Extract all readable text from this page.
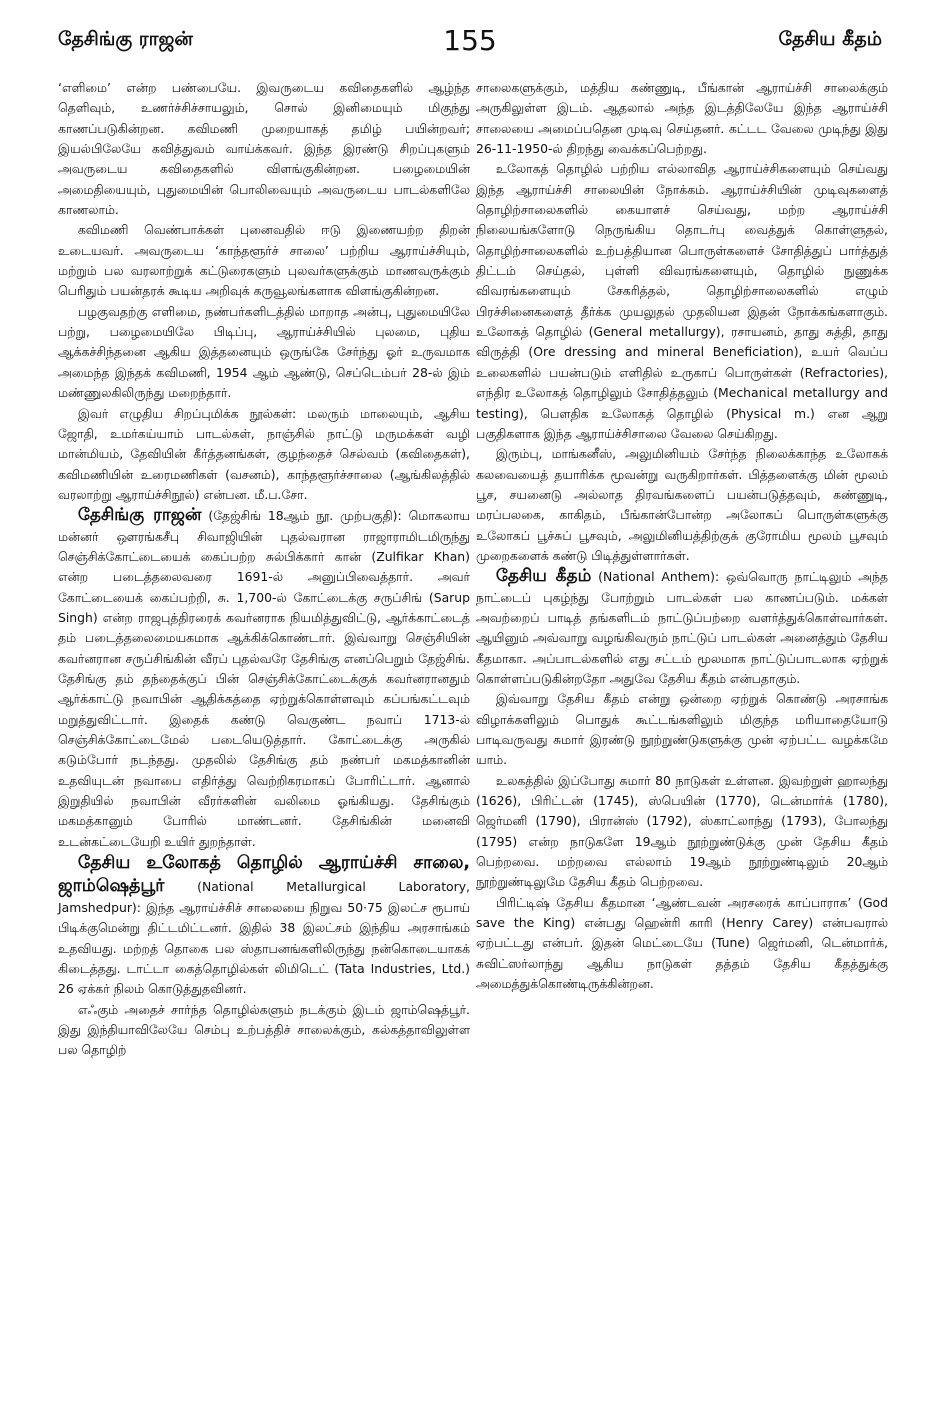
தேசிங்கு ராஜன்	155	தேசிய கீதம்

‘எளிமை’ என்ற பண்பையே. இவருடைய கவிதைகளில் ஆழ்ந்த தெளிவும், உணர்ச்சிச்சாயலும், சொல் இனிமையும் மிகுந்து காணப்படுகின்றன. கவிமணி முறையாகத் தமிழ் பயின்றவர்; இயல்பிலேயே கவித்துவம் வாய்க்கவர். இந்த இரண்டு சிறப்புகளும் அவருடைய கவிதைகளில் விளங்குகின்றன. பழைமையின் அமைதியையும், புதுமையின் பொலிவையும் அவருடைய பாடல்களிலே காணலாம்.

கவிமணி வெண்பாக்கள் புனைவதில் ஈடு இணையற்ற திறன் உடையவர். அவருடைய ‘காந்தளூர்ச் சாலை’ பற்றிய ஆராய்ச்சியும், மற்றும் பல வரலாற்றுக் கட்டுரைகளும் புலவர்களுக்கும் மாணவருக்கும் பெரிதும் பயன்தரக் கூடிய அறிவுக் கருவூலங்களாக விளங்குகின்றன.

பழகுவதற்கு எளிமை, நண்பர்களிடத்தில் மாறாத அன்பு, புதுமையிலே பற்று, பழைமையிலே பிடிப்பு, ஆராய்ச்சியில் புலமை, புதிய ஆக்கச்சிந்தனை ஆகிய இத்தனையும் ஒருங்கே சேர்ந்து ஓர் உருவமாக அமைந்த இந்தக் கவிமணி, 1954 ஆம் ஆண்டு, செப்டெம்பர் 28-ல் இம் மண்ணுலகிலிருந்து மறைந்தார்.

இவர் எழுதிய சிறப்புமிக்க நூல்கள்: மலரும் மாலையும், ஆசிய ஜோதி, உமர்கய்யாம் பாடல்கள், நாஞ்சில் நாட்டு மருமக்கள் வழி மான்மியம், தேவியின் கீர்த்தனங்கள், குழந்தைச் செல்வம் (கவிதைகள்), கவிமணியின் உரைமணிகள் (வசனம்), காந்தளூர்ச்சாலை (ஆங்கிலத்தில் வரலாற்று ஆராய்ச்சிநூல்) என்பன. மீ.ப.சோ.

தேசிங்கு ராஜன் (தேஜ்சிங் 18ஆம் நூ. முற்பகுதி): மொகலாய மன்னர் ஔரங்கசீபு சிவாஜியின் புதல்வரான ராஜாராமிடமிருந்து செஞ்சிக்கோட்டையைக் கைப்பற்ற சுல்பிக்கார் கான் (Zulfikar Khan) என்ற படைத்தலைவரை 1691-ல் அனுப்பிவைத்தார். அவர் கோட்டையைக் கைப்பற்றி, சு. 1,700-ல் கோட்டைக்கு சருப்சிங் (Sarup Singh) என்ற ராஜபுத்திரரைக் கவர்னராக நியமித்துவிட்டு, ஆர்க்காட்டைத் தம் படைத்தலைமையகமாக ஆக்கிக்கொண்டார். இவ்வாறு செஞ்சியின் கவர்னரான சருப்சிங்கின் வீரப் புதல்வரே தேசிங்கு எனப்பெறும் தேஜ்சிங். தேசிங்கு தம் தந்தைக்குப் பின் செஞ்சிக்கோட்டைக்குக் கவர்னரானதும் ஆர்க்காட்டு நவாபின் ஆதிக்கத்தை ஏற்றுக்கொள்ளவும் கப்பங்கட்டவும் மறுத்துவிட்டார். இதைக் கண்டு வெகுண்ட நவாப் 1713-ல் செஞ்சிக்கோட்டைமேல் படையெடுத்தார். கோட்டைக்கு அருகில் கடும்போர் நடந்தது. முதலில் தேசிங்கு தம் நண்பர் மகமத்கானின் உதவியுடன் நவாபை எதிர்த்து வெற்றிகரமாகப் போரிட்டார். ஆனால் இறுதியில் நவாபின் வீரர்களின் வலிமை ஓங்கியது. தேசிங்கும் மகமத்கானும் போரில் மாண்டனர். தேசிங்கின் மனைவி உடன்கட்டையேறி உயிர் துறந்தாள்.

தேசிய உலோகத் தொழில் ஆராய்ச்சி சாலை, ஜாம்ஷெத்பூர்	(National Metallurgical Laboratory, Jamshedpur): இந்த ஆராய்ச்சிச் சாலையை நிறுவ 50·75 இலட்ச ரூபாய் பிடிக்குமென்று திட்டமிட்டனர். இதில் 38 இலட்சம் இந்திய அரசாங்கம் உதவியது. மற்றத் தொகை பல ஸ்தாபனங்களிலிருந்து நன்கொடையாகக் கிடைத்தது. டாட்டா கைத்தொழில்கள் லிமிடெட் (Tata Industries, Ltd.) 26 ஏக்கர் நிலம் கொடுத்துதவினர்.

எஃகும் அதைச் சார்ந்த தொழில்களும் நடக்கும் இடம் ஜாம்ஷெத்பூர். இது இந்தியாவிலேயே செம்பு உற்பத்திச் சாலைக்கும், கல்கத்தாவிலுள்ள பல தொழிற்

சாலைகளுக்கும், மத்திய கண்ணுடி, பீங்கான் ஆராய்ச்சி சாலைக்கும் அருகிலுள்ள இடம். ஆதலால் அந்த இடத்திலேயே இந்த ஆராய்ச்சி சாலையை அமைப்பதென முடிவு செய்தனர். கட்டட வேலை முடிந்து இது 26-11-1950-ல் திறந்து வைக்கப்பெற்றது.

உலோகத் தொழில் பற்றிய எல்லாவித ஆராய்ச்சிகளையும் செய்வது இந்த ஆராய்ச்சி சாலையின் நோக்கம். ஆராய்ச்சியின் முடிவுகளைத் தொழிற்சாலைகளில் கையாளச் செய்வது, மற்ற ஆராய்ச்சி நிலையங்களோடு நெருங்கிய தொடர்பு வைத்துக் கொள்ளுதல், தொழிற்சாலைகளில் உற்பத்தியான பொருள்களைச் சோதித்துப் பார்த்துத் திட்டம் செய்தல், புள்ளி விவரங்களையும், தொழில் நுணுக்க விவரங்களையும் சேகரித்தல், தொழிற்சாலைகளில் எழும் பிரச்சினைகளைத் தீர்க்க முயலுதல் முதலியன இதன் நோக்கங்களாகும். உலோகத் தொழில் (General metallurgy), ரசாயனம், தாது சுத்தி, தாது விருத்தி (Ore dressing and mineral Beneficiation), உயர் வெப்ப உலைகளில் பயன்படும் எளிதில் உருகாப் பொருள்கள் (Refractories), எந்திர உலோகத் தொழிலும் சோதித்தலும் (Mechanical metallurgy and testing), பௌதிக உலோகத் தொழில் (Physical m.) என ஆறு பகுதிகளாக இந்த ஆராய்ச்சிசாலை வேலை செய்கிறது.

இரும்பு, மாங்கனீஸ், அலுமினியம் சேர்ந்த நிலைக்காந்த உலோகக் கலவையைத் தயாரிக்க மூவன்று வருகிறார்கள். பித்தளைக்கு மின் மூலம் பூச, சயனைடு அல்லாத திரவங்களைப் பயன்படுத்தவும், கண்ணுடி, மரப்பலகை, காகிதம், பீங்கான்போன்ற அலோகப் பொருள்களுக்கு உலோகப் பூச்சுப் பூசவும், அலுமினியத்திற்குக் குரோமிய மூலம் பூசவும் முறைகளைக் கண்டு பிடித்துள்ளார்கள்.

தேசிய கீதம் (National Anthem): ஒவ்வொரு நாட்டிலும் அந்த நாட்டைப் புகழ்ந்து போற்றும் பாடல்கள் பல காணப்படும். மக்கள் அவற்றைப் பாடித் தங்களிடம் நாட்டுப்பற்றை வளர்த்துக்கொள்வார்கள். ஆயினும் அவ்வாறு வழங்கிவரும் நாட்டுப் பாடல்கள் அனைத்தும் தேசிய கீதமாகா. அப்பாடல்களில் எது சட்டம் மூலமாக நாட்டுப்பாடலாக ஏற்றுக் கொள்ளப்படுகின்றதோ அதுவே தேசிய கீதம் என்பதாகும்.

இவ்வாறு தேசிய கீதம் என்று ஒன்றை ஏற்றுக் கொண்டு அரசாங்க விழாக்களிலும் பொதுக் கூட்டங்களிலும் மிகுந்த மரியாதையோடு பாடிவருவது சுமார் இரண்டு நூற்றுண்டுகளுக்கு முன் ஏற்பட்ட வழக்கமே யாம்.

உலகத்தில் இப்போது சுமார் 80 நாடுகள் உள்ளன. இவற்றுள் ஹாலந்து (1626), பிரிட்டன் (1745), ஸ்பெயின் (1770), டென்மார்க் (1780), ஜெர்மனி (1790), பிரான்ஸ் (1792), ஸ்காட்லாந்து (1793), போலந்து (1795) என்ற நாடுகளே 19ஆம் நூற்றுண்டுக்கு முன் தேசிய கீதம் பெற்றவை. மற்றவை எல்லாம் 19ஆம் நூற்றுண்டிலும் 20ஆம் நூற்றுண்டிலுமே தேசிய கீதம் பெற்றவை.

பிரிட்டிஷ் தேசிய கீதமான ‘ஆண்டவன் அரசரைக் காப்பாராக’ (God save the King) என்பது ஹென்ரி காரி (Henry Carey) என்பவரால் ஏற்பட்டது என்பர். இதன் மெட்டையே (Tune) ஜெர்மனி, டென்மார்க், சுவிட்ஸர்லாந்து ஆகிய நாடுகள் தத்தம் தேசிய கீதத்துக்கு அமைத்துக்கொண்டிருக்கின்றன.
